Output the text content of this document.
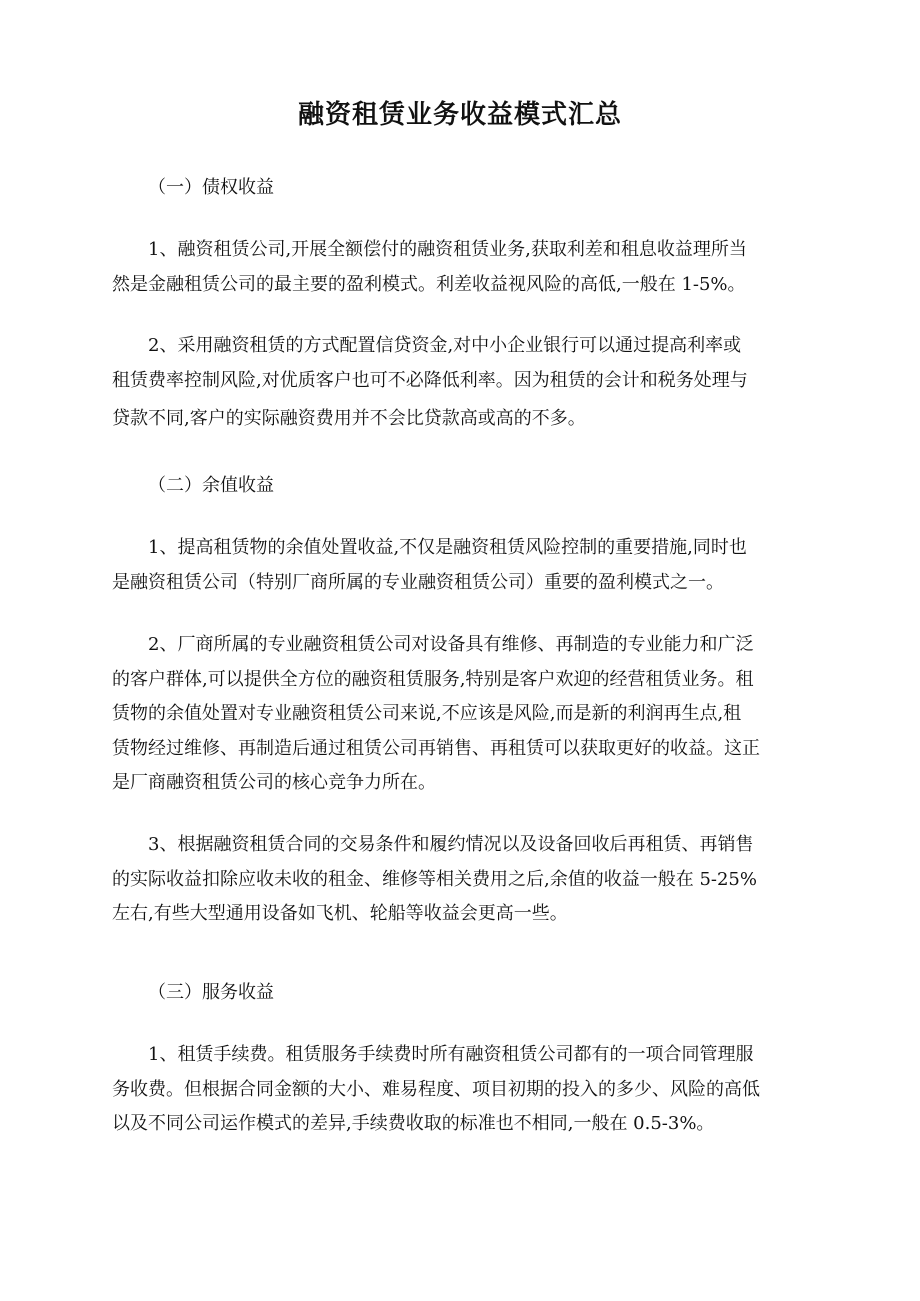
融资租赁业务收益模式汇总
（一）债权收益
1、融资租赁公司,开展全额偿付的融资租赁业务,获取利差和租息收益理所当
然是金融租赁公司的最主要的盈利模式。利差收益视风险的高低,一般在 1-5%。
2、采用融资租赁的方式配置信贷资金,对中小企业银行可以通过提高利率或
租赁费率控制风险,对优质客户也可不必降低利率。因为租赁的会计和税务处理与
贷款不同,客户的实际融资费用并不会比贷款高或高的不多。
（二）余值收益
1、提高租赁物的余值处置收益,不仅是融资租赁风险控制的重要措施,同时也
是融资租赁公司（特别厂商所属的专业融资租赁公司）重要的盈利模式之一。
2、厂商所属的专业融资租赁公司对设备具有维修、再制造的专业能力和广泛
的客户群体,可以提供全方位的融资租赁服务,特别是客户欢迎的经营租赁业务。租
赁物的余值处置对专业融资租赁公司来说,不应该是风险,而是新的利润再生点,租
赁物经过维修、再制造后通过租赁公司再销售、再租赁可以获取更好的收益。这正
是厂商融资租赁公司的核心竞争力所在。
3、根据融资租赁合同的交易条件和履约情况以及设备回收后再租赁、再销售
的实际收益扣除应收未收的租金、维修等相关费用之后,余值的收益一般在 5-25%
左右,有些大型通用设备如飞机、轮船等收益会更高一些。
（三）服务收益
1、租赁手续费。租赁服务手续费时所有融资租赁公司都有的一项合同管理服
务收费。但根据合同金额的大小、难易程度、项目初期的投入的多少、风险的高低
以及不同公司运作模式的差异,手续费收取的标准也不相同,一般在 0.5-3%。
